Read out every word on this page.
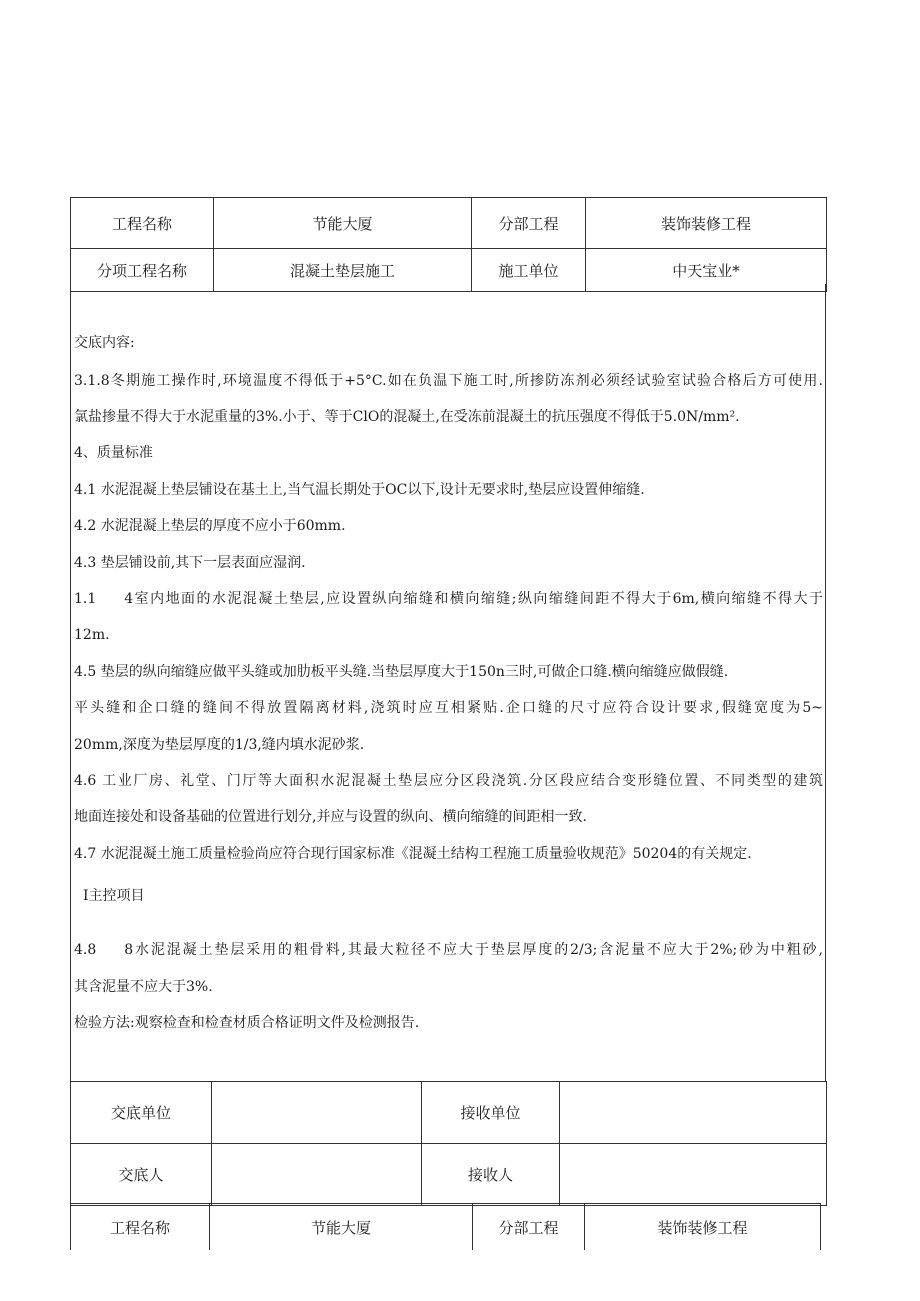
工程名称	节能大厦	分部工程	装饰装修工程
分项工程名称	混凝土垫层施工	施工单位	中天宝业*
交底内容:
3.1.8冬期施工操作时,环境温度不得低于+5°C.如在负温下施工时,所掺防冻剂必须经试验室试验合格后方可使用.
氯盐掺量不得大于水泥重量的3%.小于、等于ClO的混凝土,在受冻前混凝土的抗压强度不得低于5.0N∕mm².
4、质量标准
4.1 水泥混凝上垫层铺设在基土上,当气温长期处于OC以下,设计无要求时,垫层应设置伸缩缝.
4.2 水泥混凝上垫层的厚度不应小于60mm.
4.3 垫层铺设前,其下一层表面应湿润.
1.1 4室内地面的水泥混凝土垫层,应设置纵向缩缝和横向缩缝;纵向缩缝间距不得大于6m,横向缩缝不得大于
12m.
4.5 垫层的纵向缩缝应做平头缝或加肋板平头缝.当垫层厚度大于150n三时,可做企口缝.横向缩缝应做假缝.
平头缝和企口缝的缝间不得放置隔离材料,浇筑时应互相紧贴.企口缝的尺寸应符合设计要求,假缝宽度为5~
20mm,深度为垫层厚度的1/3,缝内填水泥砂浆.
4.6 工业厂房、礼堂、门厅等大面积水泥混凝土垫层应分区段浇筑.分区段应结合变形缝位置、不同类型的建筑
地面连接处和设备基础的位置进行划分,并应与设置的纵向、横向缩缝的间距相一致.
4.7 水泥混凝土施工质量检验尚应符合现行国家标准《混凝土结构工程施工质量验收规范》50204的有关规定.
I主控项目
4.8 8水泥混凝土垫层采用的粗骨料,其最大粒径不应大于垫层厚度的2/3;含泥量不应大于2%;砂为中粗砂,
其含泥量不应大于3%.
检验方法:观察检查和检查材质合格证明文件及检测报告.
交底单位		接收单位	
交底人		接收人	
工程名称	节能大厦	分部工程	装饰装修工程
